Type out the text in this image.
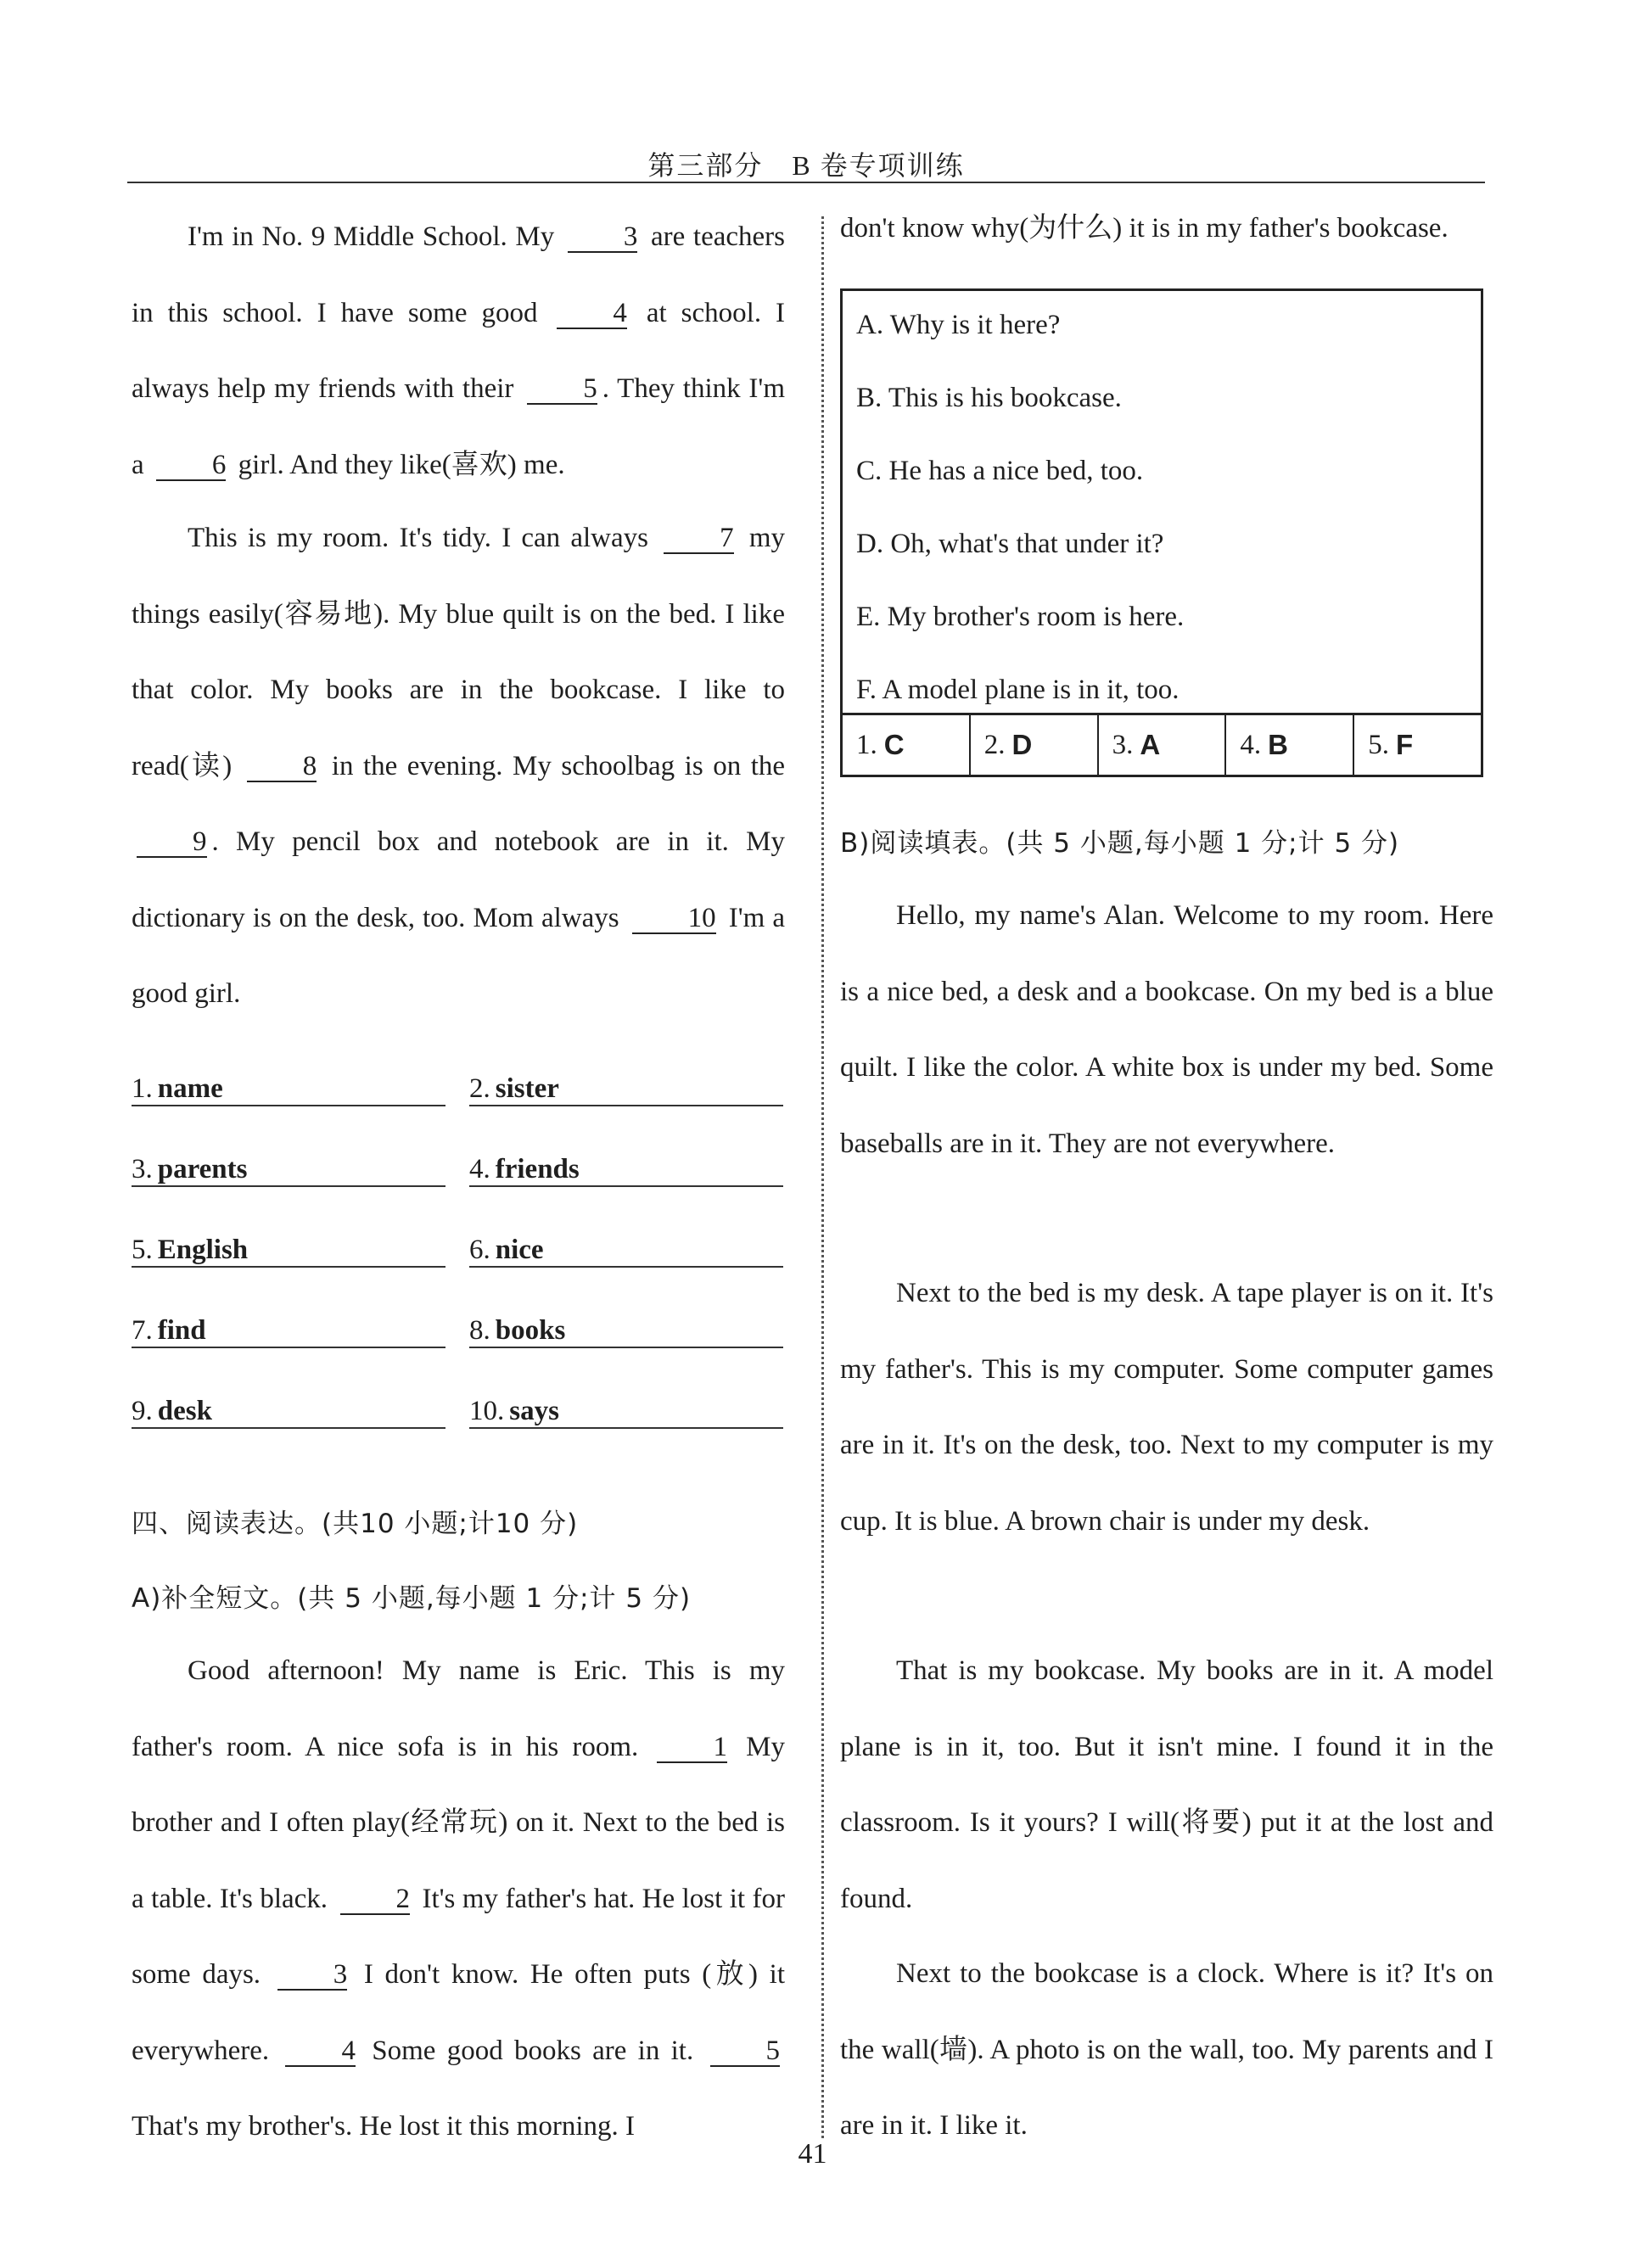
第三部分　B 卷专项训练

I'm in No. 9 Middle School. My 3 are teachers in this school. I have some good	4 at school. I always help my friends with their 5 . They think I'm a 6 girl. And they like(喜欢) me.

This is my room. It's tidy. I can always	7 my things easily(容易地). My blue quilt is on the bed. I like that color. My books are in the bookcase. I like to read(读)	8 in the evening. My schoolbag is on the 9 . My pencil box and notebook are in it. My dictionary is on the desk, too. Mom always 10 I'm a good girl.

1. name	2. sister
3. parents	4. friends
5. English	6. nice
7. find	8. books
9. desk	10. says
四、阅读表达。(共10 小题;计10 分)
A)补全短文。(共 5 小题,每小题 1 分;计 5 分)

Good afternoon! My name is Eric. This is my father's room. A nice sofa is in his room.	1 My brother and I often play(经常玩) on it. Next to the bed is a table. It's black. 2 It's my father's hat. He lost it for some days.	3 I don't know. He often puts (放) it everywhere.	4 Some good books are in it.	5 That's my brother's. He lost it this morning. I

don't know why(为什么) it is in my father's bookcase.

A. Why is it here?
B. This is his bookcase.
C. He has a nice bed, too.
D. Oh, what's that under it?
E. My brother's room is here.
F. A model plane is in it, too.
1. C	2. D	3. A	4. B	5. F
B)阅读填表。(共 5 小题,每小题 1 分;计 5 分)

Hello, my name's Alan. Welcome to my room. Here is a nice bed, a desk and a bookcase. On my bed is a blue quilt. I like the color. A white box is under my bed. Some baseballs are in it. They are not everywhere.

Next to the bed is my desk. A tape player is on it. It's my father's. This is my computer. Some computer games are in it. It's on the desk, too. Next to my computer is my cup. It is blue. A brown chair is under my desk.

That is my bookcase. My books are in it. A model plane is in it, too. But it isn't mine. I found it in the classroom. Is it yours? I will(将要) put it at the lost and found.

Next to the bookcase is a clock. Where is it? It's on the wall(墙). A photo is on the wall, too. My parents and I are in it. I like it.

41
